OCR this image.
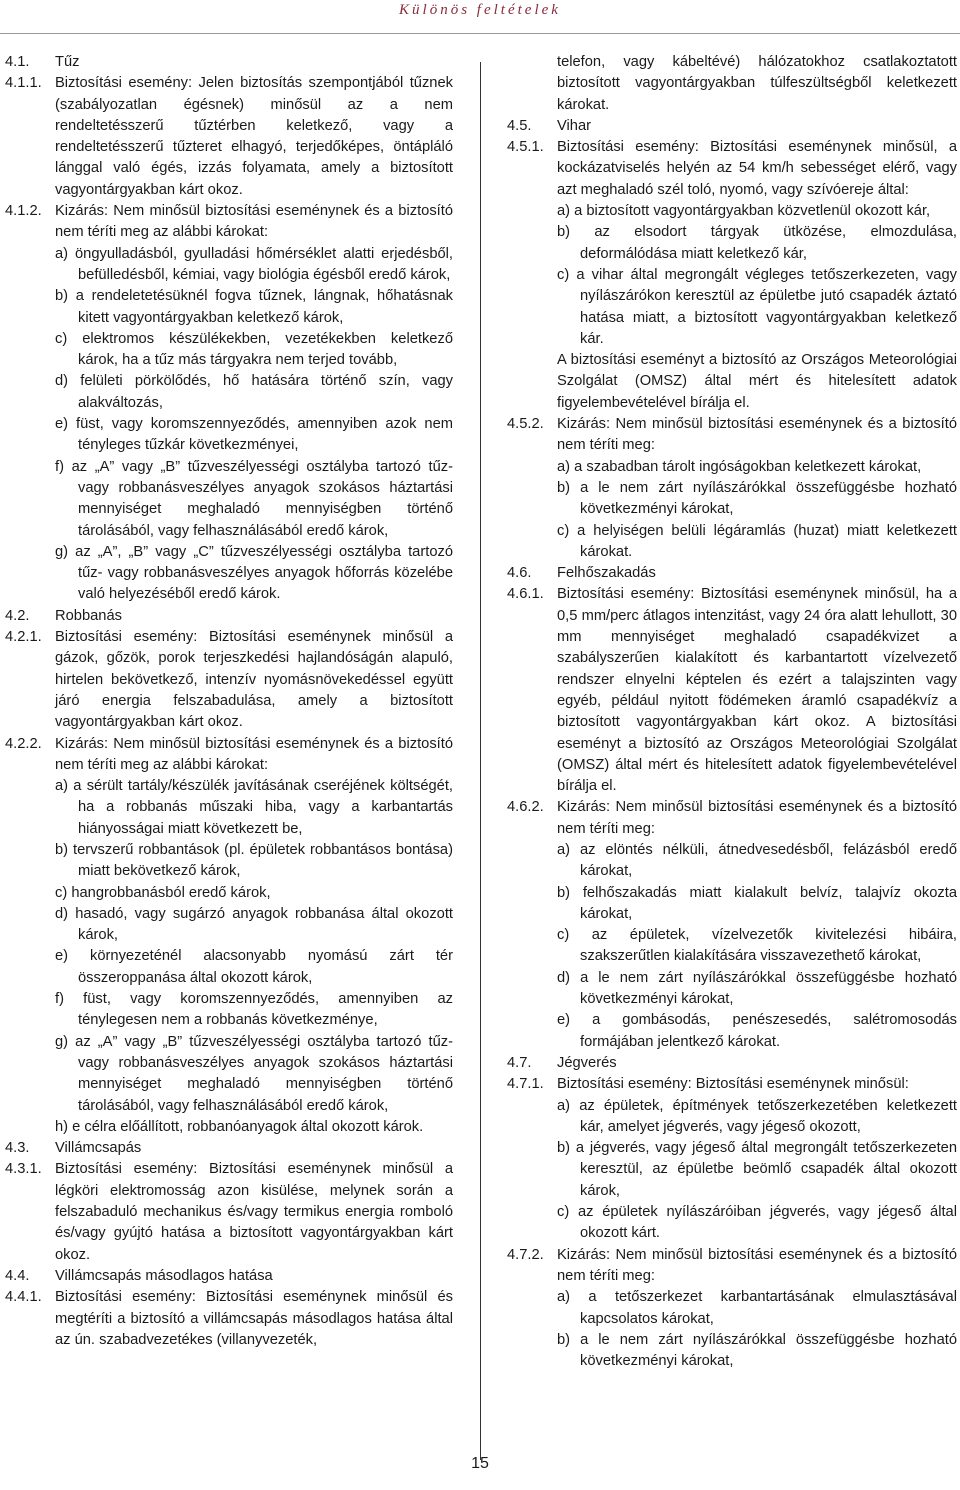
Különös feltételek
4.1. Tűz
4.1.1. Biztosítási esemény: Jelen biztosítás szempontjából tűznek (szabályozatlan égésnek) minősül az a nem rendeltetésszerű tűztérben keletkező, vagy a rendeltetésszerű tűzteret elhagyó, terjedőképes, öntápláló lánggal való égés, izzás folyamata, amely a biztosított vagyontárgyakban kárt okoz.
4.1.2. Kizárás: Nem minősül biztosítási eseménynek és a biztosító nem téríti meg az alábbi károkat:
a) öngyulladásból, gyulladási hőmérséklet alatti erjedésből, befülledésből, kémiai, vagy biológia égésből eredő károk,
b) a rendeletetésüknél fogva tűznek, lángnak, hőhatásnak kitett vagyontárgyakban keletkező károk,
c) elektromos készülékekben, vezetékekben keletkező károk, ha a tűz más tárgyakra nem terjed tovább,
d) felületi pörkölődés, hő hatására történő szín, vagy alakváltozás,
e) füst, vagy koromszennyeződés, amennyiben azok nem tényleges tűzkár következményei,
f) az „A” vagy „B” tűzveszélyességi osztályba tartozó tűz- vagy robbanásveszélyes anyagok szokásos háztartási mennyiséget meghaladó mennyiségben történő tárolásából, vagy felhasználásából eredő károk,
g) az „A”, „B” vagy „C” tűzveszélyességi osztályba tartozó tűz- vagy robbanásveszélyes anyagok hőforrás közelébe való helyezéséből eredő károk.
4.2. Robbanás
4.2.1. Biztosítási esemény: Biztosítási eseménynek minősül a gázok, gőzök, porok terjeszkedési hajlandóságán alapuló, hirtelen bekövetkező, intenzív nyomásnövekedéssel együtt járó energia felszabadulása, amely a biztosított vagyontárgyakban kárt okoz.
4.2.2. Kizárás: Nem minősül biztosítási eseménynek és a biztosító nem téríti meg az alábbi károkat:
a) a sérült tartály/készülék javításának cseréjének költségét, ha a robbanás műszaki hiba, vagy a karbantartás hiányosságai miatt következett be,
b) tervszerű robbantások (pl. épületek robbantásos bontása) miatt bekövetkező károk,
c) hangrobbanásból eredő károk,
d) hasadó, vagy sugárzó anyagok robbanása által okozott károk,
e) környezeténél alacsonyabb nyomású zárt tér összeroppanása által okozott károk,
f) füst, vagy koromszennyeződés, amennyiben az ténylegesen nem a robbanás következménye,
g) az „A” vagy „B” tűzveszélyességi osztályba tartozó tűz- vagy robbanásveszélyes anyagok szokásos háztartási mennyiséget meghaladó mennyiségben történő tárolásából, vagy felhasználásából eredő károk,
h) e célra előállított, robbanóanyagok által okozott károk.
4.3. Villámcsapás
4.3.1. Biztosítási esemény: Biztosítási eseménynek minősül a légköri elektromosság azon kisülése, melynek során a felszabaduló mechanikus és/vagy termikus energia romboló és/vagy gyújtó hatása a biztosított vagyontárgyakban kárt okoz.
4.4. Villámcsapás másodlagos hatása
4.4.1. Biztosítási esemény: Biztosítási eseménynek minősül és megtéríti a biztosító a villámcsapás másodlagos hatása által az ún. szabadvezetékes (villanyvezeték,
telefon, vagy kábeltévé) hálózatokhoz csatlakoztatott biztosított vagyontárgyakban túlfeszültségből keletkezett károkat.
4.5. Vihar
4.5.1. Biztosítási esemény: Biztosítási eseménynek minősül, a kockázatviselés helyén az 54 km/h sebességet elérő, vagy azt meghaladó szél toló, nyomó, vagy szívóereje által:
a) a biztosított vagyontárgyakban közvetlenül okozott kár,
b) az elsodort tárgyak ütközése, elmozdulása, deformálódása miatt keletkező kár,
c) a vihar által megrongált végleges tetőszerkezeten, vagy nyílászárókon keresztül az épületbe jutó csapadék áztató hatása miatt, a biztosított vagyontárgyakban keletkező kár.
A biztosítási eseményt a biztosító az Országos Meteorológiai Szolgálat (OMSZ) által mért és hitelesített adatok figyelembevételével bírálja el.
4.5.2. Kizárás: Nem minősül biztosítási eseménynek és a biztosító nem téríti meg:
a) a szabadban tárolt ingóságokban keletkezett károkat,
b) a le nem zárt nyílászárókkal összefüggésbe hozható következményi károkat,
c) a helyiségen belüli légáramlás (huzat) miatt keletkezett károkat.
4.6. Felhőszakadás
4.6.1. Biztosítási esemény: Biztosítási eseménynek minősül, ha a 0,5 mm/perc átlagos intenzitást, vagy 24 óra alatt lehullott, 30 mm mennyiséget meghaladó csapadékvizet a szabályszerűen kialakított és karbantartott vízelvezető rendszer elnyelni képtelen és ezért a talajszinten vagy egyéb, például nyitott födémeken áramló csapadékvíz a biztosított vagyontárgyakban kárt okoz. A biztosítási eseményt a biztosító az Országos Meteorológiai Szolgálat (OMSZ) által mért és hitelesített adatok figyelembevételével bírálja el.
4.6.2. Kizárás: Nem minősül biztosítási eseménynek és a biztosító nem téríti meg:
a) az elöntés nélküli, átnedvesedésből, felázásból eredő károkat,
b) felhőszakadás miatt kialakult belvíz, talajvíz okozta károkat,
c) az épületek, vízelvezetők kivitelezési hibáira, szakszerűtlen kialakítására visszavezethető károkat,
d) a le nem zárt nyílászárókkal összefüggésbe hozható következményi károkat,
e) a gombásodás, penészesedés, salétromosodás formájában jelentkező károkat.
4.7. Jégverés
4.7.1. Biztosítási esemény: Biztosítási eseménynek minősül:
a) az épületek, építmények tetőszerkezetében keletkezett kár, amelyet jégverés, vagy jégeső okozott,
b) a jégverés, vagy jégeső által megrongált tetőszerkezeten keresztül, az épületbe beömlő csapadék által okozott károk,
c) az épületek nyílászáróiban jégverés, vagy jégeső által okozott kárt.
4.7.2. Kizárás: Nem minősül biztosítási eseménynek és a biztosító nem téríti meg:
a) a tetőszerkezet karbantartásának elmulasztásával kapcsolatos károkat,
b) a le nem zárt nyílászárókkal összefüggésbe hozható következményi károkat,
15
